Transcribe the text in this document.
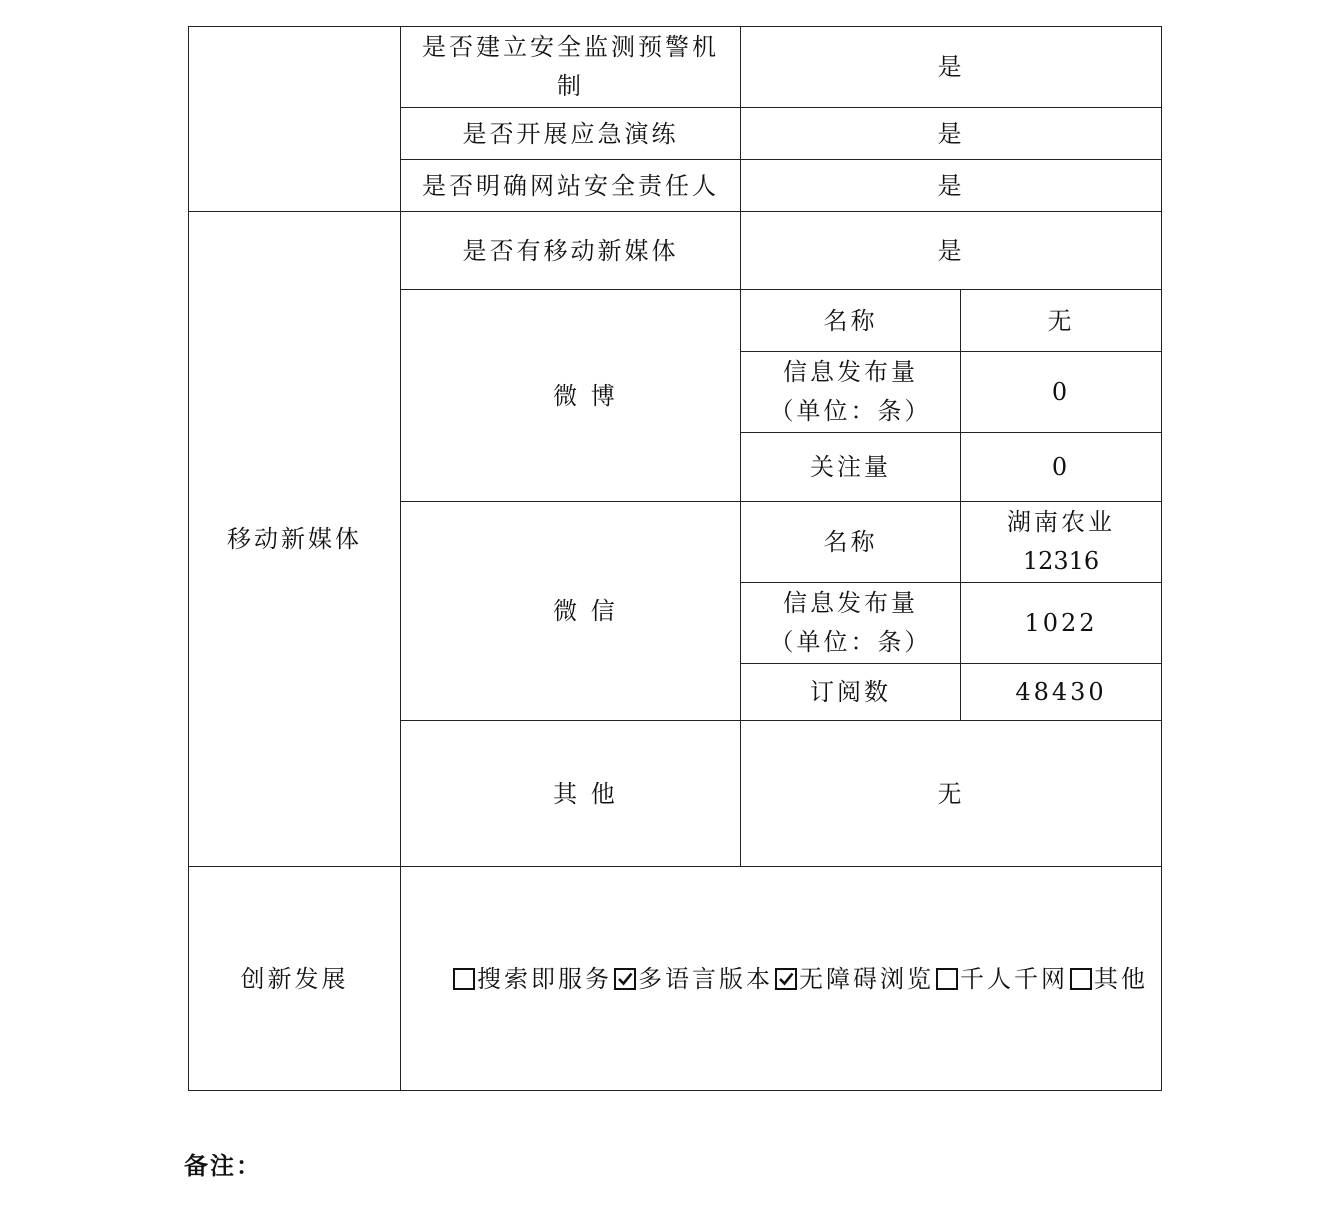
	是否建立安全监测预警机制	是	
	是否开展应急演练	是	
	是否明确网站安全责任人	是	
移动新媒体	是否有移动新媒体	是	
	微 博	名称	无

		信息发布量
（单位：条）	0
		关注量	0
	微 信	名称	湖南农业
12316

		信息发布量
（单位：条）	1022
		订阅数	48430
	其 他	无	
创新发展	搜索即服务 多语言版本 无障碍浏览 千人千网 其他		
备注：
